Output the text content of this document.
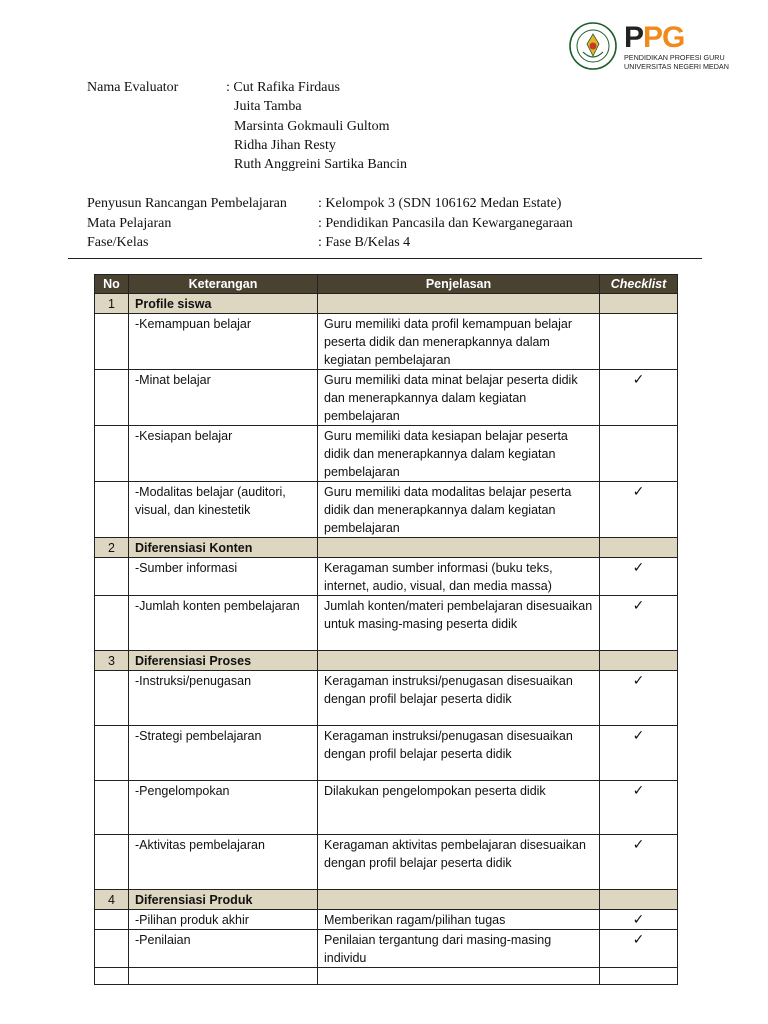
PPG
PENDIDIKAN PROFESI GURU
UNIVERSITAS NEGERI MEDAN
Nama Evaluator	: Cut Rafika Firdaus
Juita Tamba
Marsinta Gokmauli Gultom
Ridha Jihan Resty
Ruth Anggreini Sartika Bancin
Penyusun Rancangan Pembelajaran : Kelompok 3 (SDN 106162 Medan Estate)
Mata Pelajaran	: Pendidikan Pancasila dan Kewarganegaraan
Fase/Kelas	: Fase B/Kelas 4
No	Keterangan	Penjelasan	Checklist
1	Profile siswa		
	-Kemampuan belajar	Guru memiliki data profil kemampuan belajar peserta didik dan menerapkannya dalam kegiatan pembelajaran	
	-Minat belajar	Guru memiliki data minat belajar peserta didik dan menerapkannya dalam kegiatan pembelajaran	✓
	-Kesiapan belajar	Guru memiliki data kesiapan belajar peserta didik dan menerapkannya dalam kegiatan pembelajaran	
	-Modalitas belajar (auditori, visual, dan kinestetik	Guru memiliki data modalitas belajar peserta didik dan menerapkannya dalam kegiatan pembelajaran	✓
2	Diferensiasi Konten		
	-Sumber informasi	Keragaman sumber informasi (buku teks, internet, audio, visual, dan media massa)	✓
	-Jumlah konten pembelajaran	Jumlah konten/materi pembelajaran disesuaikan untuk masing-masing peserta didik	✓
3	Diferensiasi Proses		
	-Instruksi/penugasan	Keragaman instruksi/penugasan disesuaikan dengan profil belajar peserta didik	✓
	-Strategi pembelajaran	Keragaman instruksi/penugasan disesuaikan dengan profil belajar peserta didik	✓
	-Pengelompokan	Dilakukan pengelompokan peserta didik	✓
	-Aktivitas pembelajaran	Keragaman aktivitas pembelajaran disesuaikan dengan profil belajar peserta didik	✓
4	Diferensiasi Produk		
	-Pilihan produk akhir	Memberikan ragam/pilihan tugas	✓
	-Penilaian	Penilaian tergantung dari masing-masing individu	✓
